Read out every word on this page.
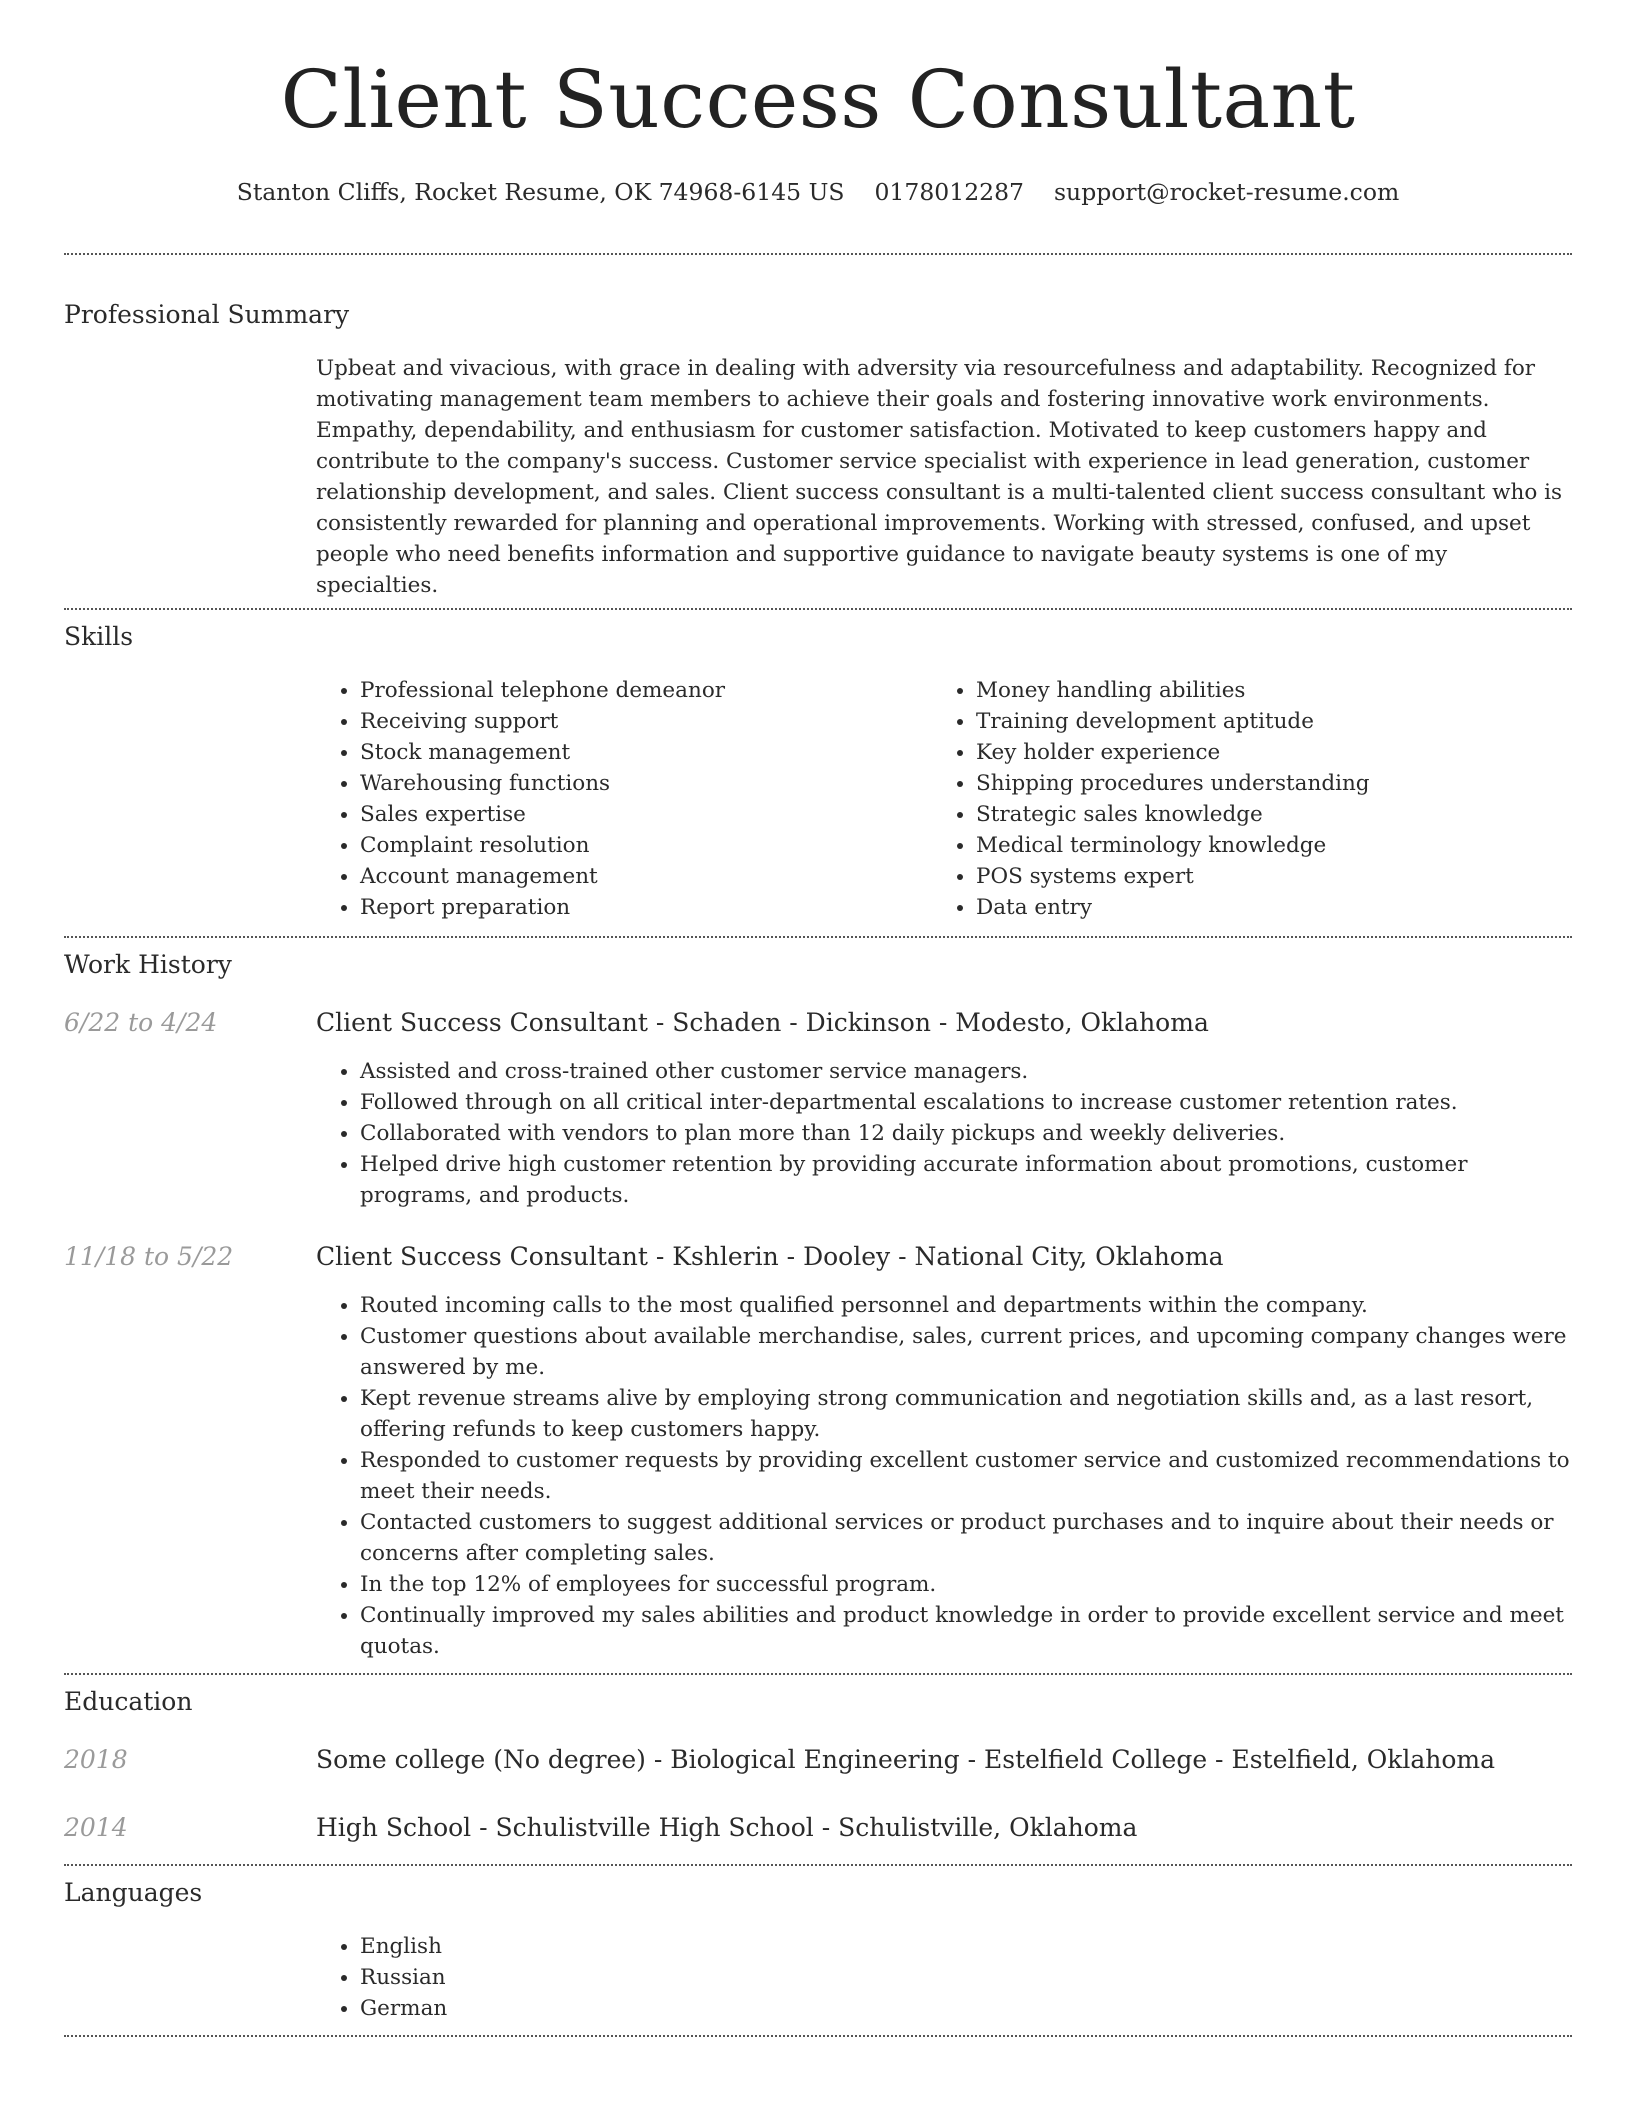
Client Success Consultant
Stanton Cliffs, Rocket Resume, OK 74968-6145 US 0178012287 support@rocket-resume.com
Professional Summary

Upbeat and vivacious, with grace in dealing with adversity via resourcefulness and adaptability. Recognized for motivating management team members to achieve their goals and fostering innovative work environments. Empathy, dependability, and enthusiasm for customer satisfaction. Motivated to keep customers happy and contribute to the company's success. Customer service specialist with experience in lead generation, customer relationship development, and sales. Client success consultant is a multi-talented client success consultant who is consistently rewarded for planning and operational improvements. Working with stressed, confused, and upset people who need benefits information and supportive guidance to navigate beauty systems is one of my specialties.

Skills
• Professional telephone demeanor
• Receiving support
• Stock management
• Warehousing functions
• Sales expertise
• Complaint resolution
• Account management
• Report preparation
• Money handling abilities
• Training development aptitude
• Key holder experience
• Shipping procedures understanding
• Strategic sales knowledge
• Medical terminology knowledge
• POS systems expert
• Data entry
Work History
6/22 to 4/24	Client Success Consultant - Schaden - Dickinson - Modesto, Oklahoma
• Assisted and cross-trained other customer service managers.
• Followed through on all critical inter-departmental escalations to increase customer retention rates.
• Collaborated with vendors to plan more than 12 daily pickups and weekly deliveries.
• Helped drive high customer retention by providing accurate information about promotions, customer programs, and products.
11/18 to 5/22	Client Success Consultant - Kshlerin - Dooley - National City, Oklahoma
• Routed incoming calls to the most qualified personnel and departments within the company.
• Customer questions about available merchandise, sales, current prices, and upcoming company changes were answered by me.
• Kept revenue streams alive by employing strong communication and negotiation skills and, as a last resort, offering refunds to keep customers happy.
• Responded to customer requests by providing excellent customer service and customized recommendations to meet their needs.
• Contacted customers to suggest additional services or product purchases and to inquire about their needs or concerns after completing sales.
• In the top 12% of employees for successful program.
• Continually improved my sales abilities and product knowledge in order to provide excellent service and meet quotas.
Education
2018	Some college (No degree) - Biological Engineering - Estelfield College - Estelfield, Oklahoma
2014	High School - Schulistville High School - Schulistville, Oklahoma
Languages
• English
• Russian
• German
